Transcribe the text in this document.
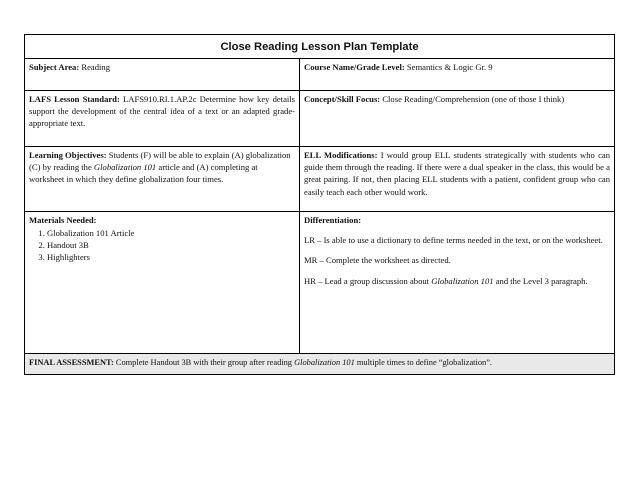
Close Reading Lesson Plan Template
Subject Area: Reading	Course Name/Grade Level: Semantics & Logic Gr. 9
LAFS Lesson Standard: LAFS910.RI.1.AP.2c Determine how key details support the development of the central idea of a text or an adapted grade-appropriate text.
Concept/Skill Focus: Close Reading/Comprehension (one of those I think)
Learning Objectives: Students (F) will be able to explain (A) globalization (C) by reading the Globalization 101 article and (A) completing at worksheet in which they define globalization four times.
ELL Modifications: I would group ELL students strategically with students who can guide them through the reading. If there were a dual speaker in the class, this would be a great pairing. If not, then placing ELL students with a patient, confident group who can easily teach each other would work.
Materials Needed:
1. Globalization 101 Article
2. Handout 3B
3. Highlighters
Differentiation:

LR – Is able to use a dictionary to define terms needed in the text, or on the worksheet.

MR – Complete the worksheet as directed.

HR – Lead a group discussion about Globalization 101 and the Level 3 paragraph.

FINAL ASSESSMENT: Complete Handout 3B with their group after reading Globalization 101 multiple times to define “globalization”.
